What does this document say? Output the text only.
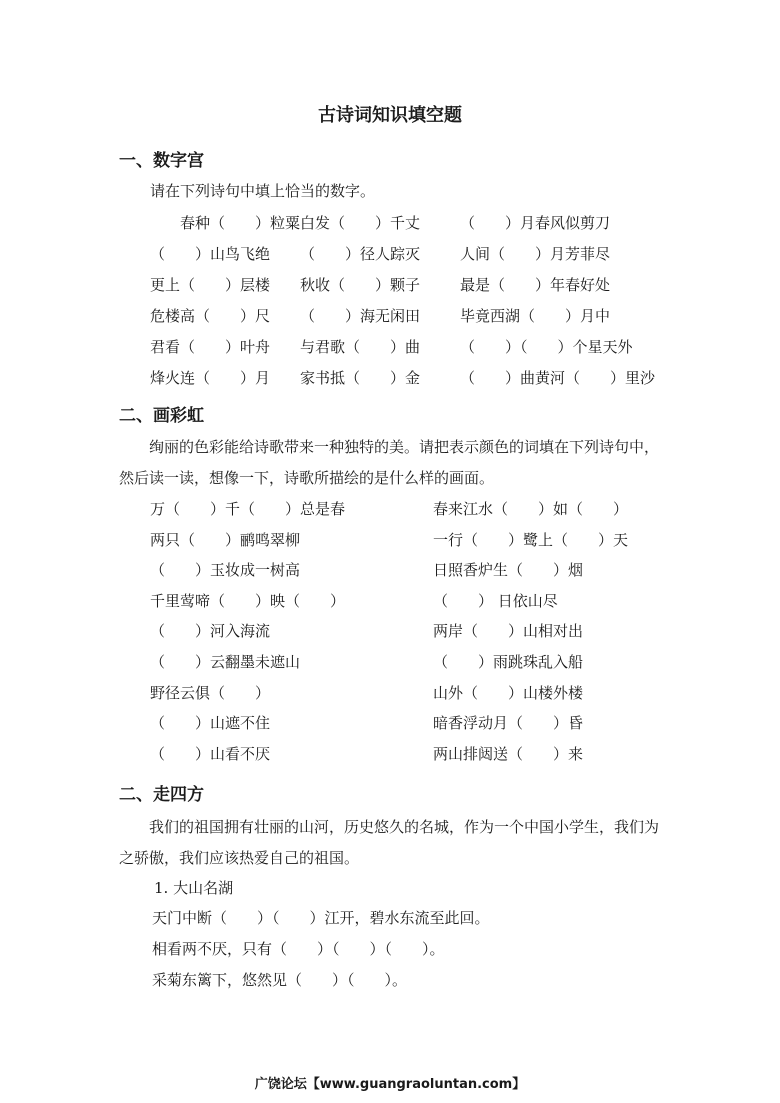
古诗词知识填空题
一、数字宫
请在下列诗句中填上恰当的数字。
春种（　　）粒粟 白发（　　）千丈	（　　）月春风似剪刀
（　　）山鸟飞绝 （　　）径人踪灭	人间（　　）月芳菲尽
更上（　　）层楼 秋收（　　）颗子	最是（　　）年春好处
危楼高（　　）尺 （　　）海无闲田	毕竟西湖（　　）月中
君看（　　）叶舟 与君歌（　　）曲	（　　）（　　）个星天外
烽火连（　　）月 家书抵（　　）金	（　　）曲黄河（　　）里沙
二、画彩虹
绚丽的色彩能给诗歌带来一种独特的美。请把表示颜色的词填在下列诗句中，然后读一读，想像一下，诗歌所描绘的是什么样的画面。
万（　　）千（　　）总是春	春来江水（　　）如（　　）
两只（　　）鹂鸣翠柳	一行（　　）鹭上（　　）天
（　　）玉妆成一树高	日照香炉生（　　）烟
千里莺啼（　　）映（　　）	（　　） 日依山尽
（　　）河入海流	两岸（　　）山相对出
（　　）云翻墨未遮山	（　　）雨跳珠乱入船
野径云俱（　　）	山外（　　）山楼外楼
（　　）山遮不住	暗香浮动月（　　）昏
（　　）山看不厌	两山排闼送（　　）来
二、走四方
我们的祖国拥有壮丽的山河，历史悠久的名城，作为一个中国小学生，我们为之骄傲，我们应该热爱自己的祖国。
1. 大山名湖
天门中断（　　）（　　）江开，碧水东流至此回。
相看两不厌，只有（　　）（　　）（　　）。
采菊东篱下，悠然见（　　）（　　）。
广饶论坛【www.guangraoluntan.com】
